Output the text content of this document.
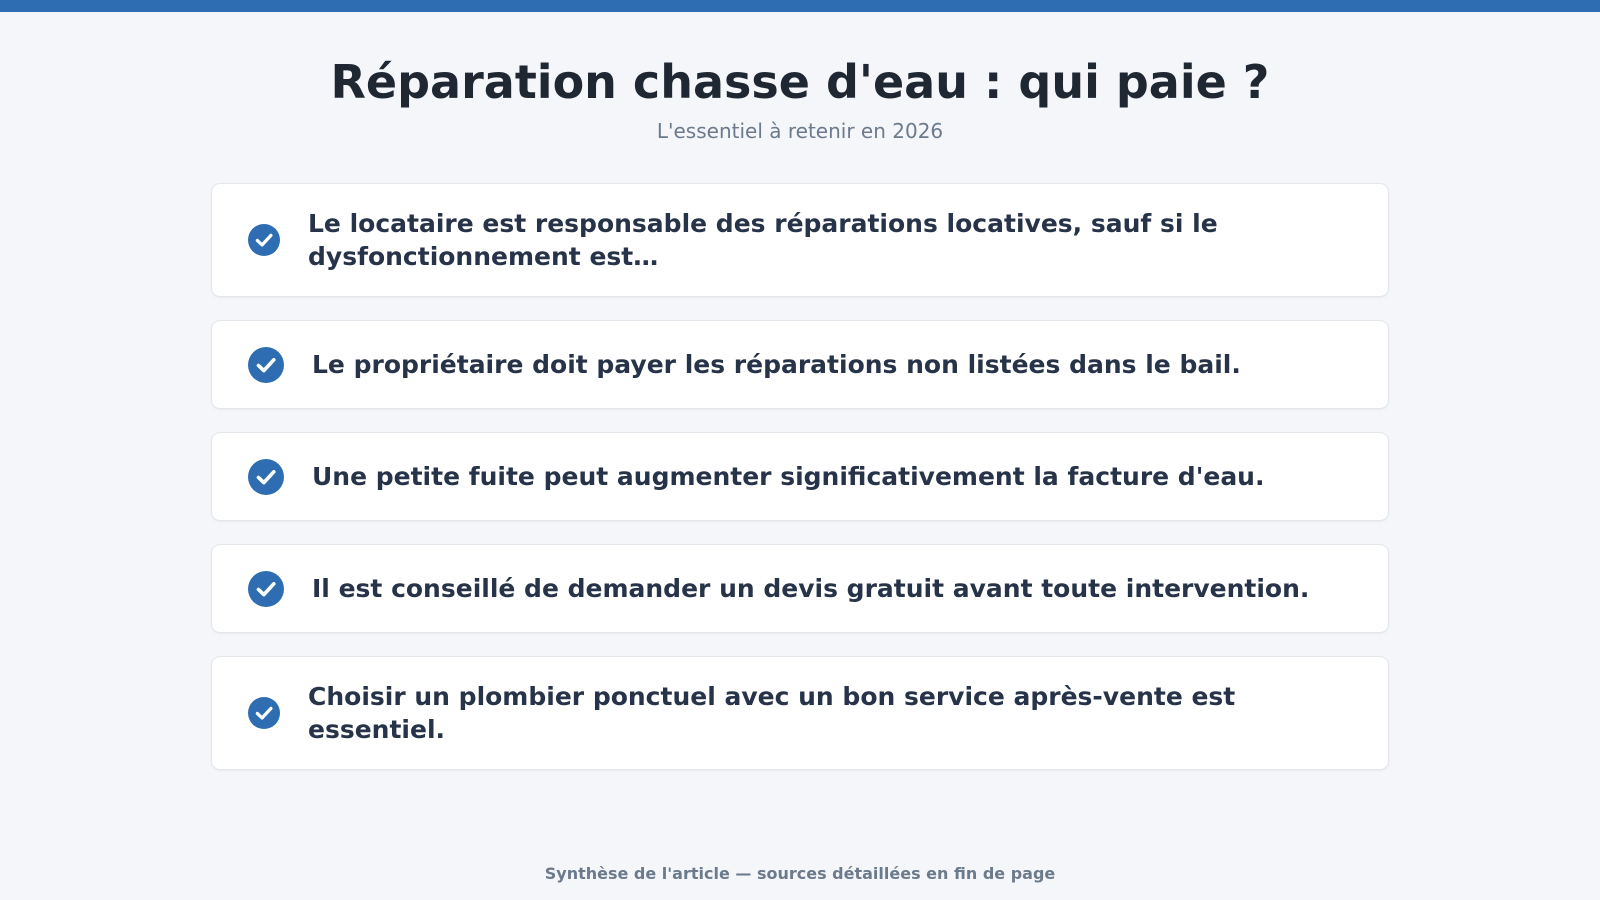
Réparation chasse d'eau : qui paie ?
L'essentiel à retenir en 2026
Le locataire est responsable des réparations locatives, sauf si le dysfonctionnement est…
Le propriétaire doit payer les réparations non listées dans le bail.
Une petite fuite peut augmenter significativement la facture d'eau.
Il est conseillé de demander un devis gratuit avant toute intervention.
Choisir un plombier ponctuel avec un bon service après-vente est essentiel.
Synthèse de l'article — sources détaillées en fin de page
